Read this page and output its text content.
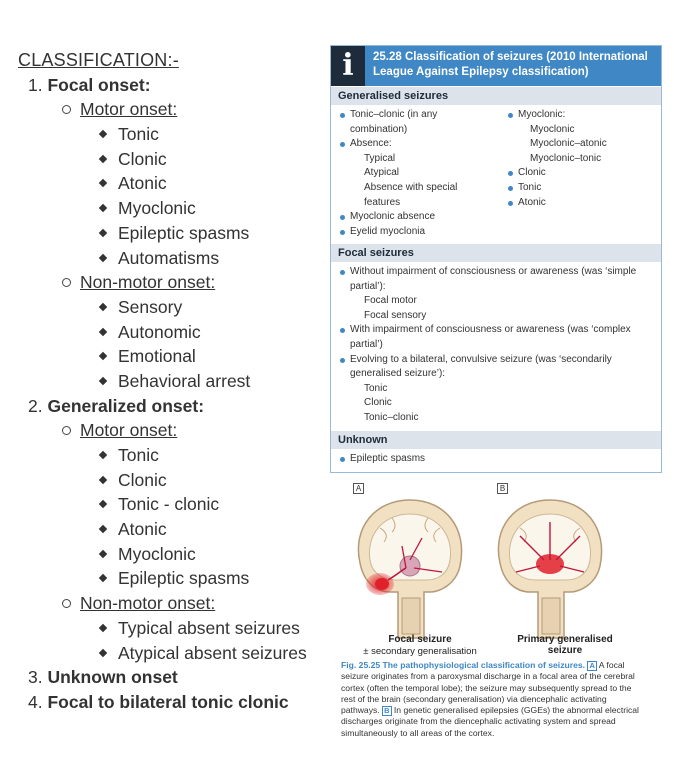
CLASSIFICATION:-
1. Focal onset:
Motor onset:
Tonic
Clonic
Atonic
Myoclonic
Epileptic spasms
Automatisms
Non-motor onset:
Sensory
Autonomic
Emotional
Behavioral arrest
2. Generalized onset:
Motor onset:
Tonic
Clonic
Tonic - clonic
Atonic
Myoclonic
Epileptic spasms
Non-motor onset:
Typical absent seizures
Atypical absent seizures
3. Unknown onset
4. Focal to bilateral tonic clonic
i	25.28 Classification of seizures (2010 International League Against Epilepsy classification)
Generalised seizures
Tonic–clonic (in any
combination)
Absence:
Typical
Atypical
Absence with special
features
Myoclonic absence
Eyelid myoclonia
Myoclonic:
Myoclonic
Myoclonic–atonic
Myoclonic–tonic
Clonic
Tonic
Atonic
Focal seizures
Without impairment of consciousness or awareness (was ‘simple
partial’):
Focal motor
Focal sensory
With impairment of consciousness or awareness (was ‘complex
partial’)
Evolving to a bilateral, convulsive seizure (was ‘secondarily
generalised seizure’):
Tonic
Clonic
Tonic–clonic
Unknown
Epileptic spasms
A	B
Focal seizure
± secondary generalisation
Primary generalised
seizure
Fig. 25.25 The pathophysiological classification of seizures. A A focal seizure originates from a paroxysmal discharge in a focal area of the cerebral cortex (often the temporal lobe); the seizure may subsequently spread to the rest of the brain (secondary generalisation) via diencephalic activating pathways. B In genetic generalised epilepsies (GGEs) the abnormal electrical discharges originate from the diencephalic activating system and spread simultaneously to all areas of the cortex.
